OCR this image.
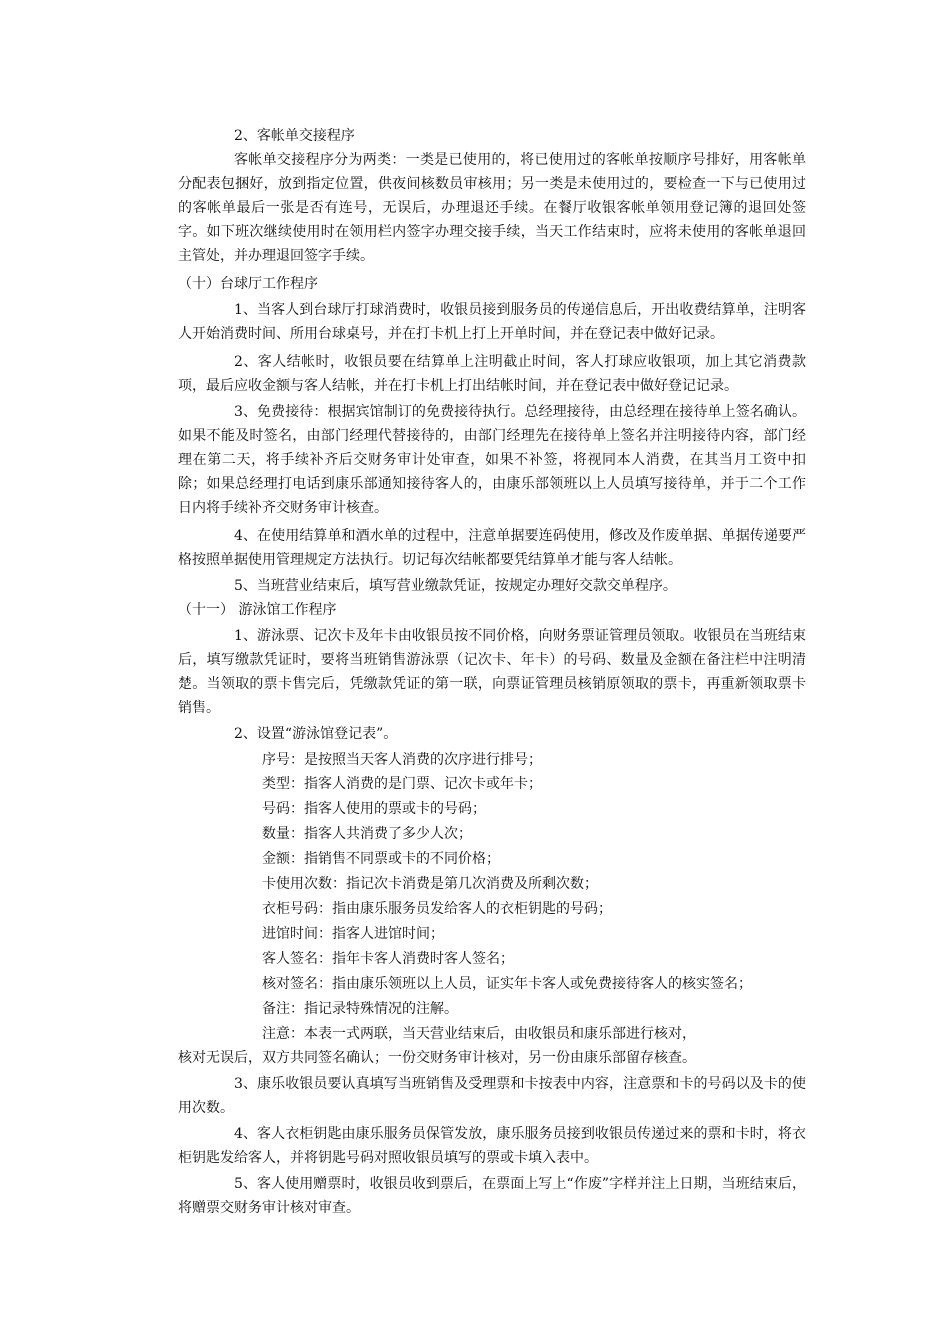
2、客帐单交接程序

客帐单交接程序分为两类：一类是已使用的，将已使用过的客帐单按顺序号排好，用客帐单分配表包捆好，放到指定位置，供夜间核数员审核用；另一类是未使用过的，要检查一下与已使用过的客帐单最后一张是否有连号，无误后，办理退还手续。在餐厅收银客帐单领用登记簿的退回处签字。如下班次继续使用时在领用栏内签字办理交接手续，当天工作结束时，应将未使用的客帐单退回主管处，并办理退回签字手续。

（十）台球厅工作程序

1、当客人到台球厅打球消费时，收银员接到服务员的传递信息后，开出收费结算单，注明客人开始消费时间、所用台球桌号，并在打卡机上打上开单时间，并在登记表中做好记录。

2、客人结帐时，收银员要在结算单上注明截止时间，客人打球应收银项，加上其它消费款项，最后应收金额与客人结帐，并在打卡机上打出结帐时间，并在登记表中做好登记记录。

3、免费接待：根据宾馆制订的免费接待执行。总经理接待，由总经理在接待单上签名确认。如果不能及时签名，由部门经理代替接待的，由部门经理先在接待单上签名并注明接待内容，部门经理在第二天，将手续补齐后交财务审计处审查，如果不补签，将视同本人消费，在其当月工资中扣除；如果总经理打电话到康乐部通知接待客人的，由康乐部领班以上人员填写接待单，并于二个工作日内将手续补齐交财务审计核查。

4、在使用结算单和酒水单的过程中，注意单据要连码使用，修改及作废单据、单据传递要严格按照单据使用管理规定方法执行。切记每次结帐都要凭结算单才能与客人结帐。

5、当班营业结束后，填写营业缴款凭证，按规定办理好交款交单程序。

（十一） 游泳馆工作程序

1、游泳票、记次卡及年卡由收银员按不同价格，向财务票证管理员领取。收银员在当班结束后，填写缴款凭证时，要将当班销售游泳票（记次卡、年卡）的号码、数量及金额在备注栏中注明清楚。当领取的票卡售完后，凭缴款凭证的第一联，向票证管理员核销原领取的票卡，再重新领取票卡销售。

2、设置“游泳馆登记表”。

序号：是按照当天客人消费的次序进行排号；

类型：指客人消费的是门票、记次卡或年卡；

号码：指客人使用的票或卡的号码；

数量：指客人共消费了多少人次；

金额：指销售不同票或卡的不同价格；

卡使用次数：指记次卡消费是第几次消费及所剩次数；

衣柜号码：指由康乐服务员发给客人的衣柜钥匙的号码；

进馆时间：指客人进馆时间；

客人签名：指年卡客人消费时客人签名；

核对签名：指由康乐领班以上人员，证实年卡客人或免费接待客人的核实签名；

备注：指记录特殊情况的注解。

注意：本表一式两联，当天营业结束后，由收银员和康乐部进行核对，

核对无误后，双方共同签名确认；一份交财务审计核对，另一份由康乐部留存核查。

3、康乐收银员要认真填写当班销售及受理票和卡按表中内容，注意票和卡的号码以及卡的使用次数。

4、客人衣柜钥匙由康乐服务员保管发放，康乐服务员接到收银员传递过来的票和卡时，将衣柜钥匙发给客人，并将钥匙号码对照收银员填写的票或卡填入表中。

5、客人使用赠票时，收银员收到票后，在票面上写上“作废”字样并注上日期，当班结束后，将赠票交财务审计核对审查。
